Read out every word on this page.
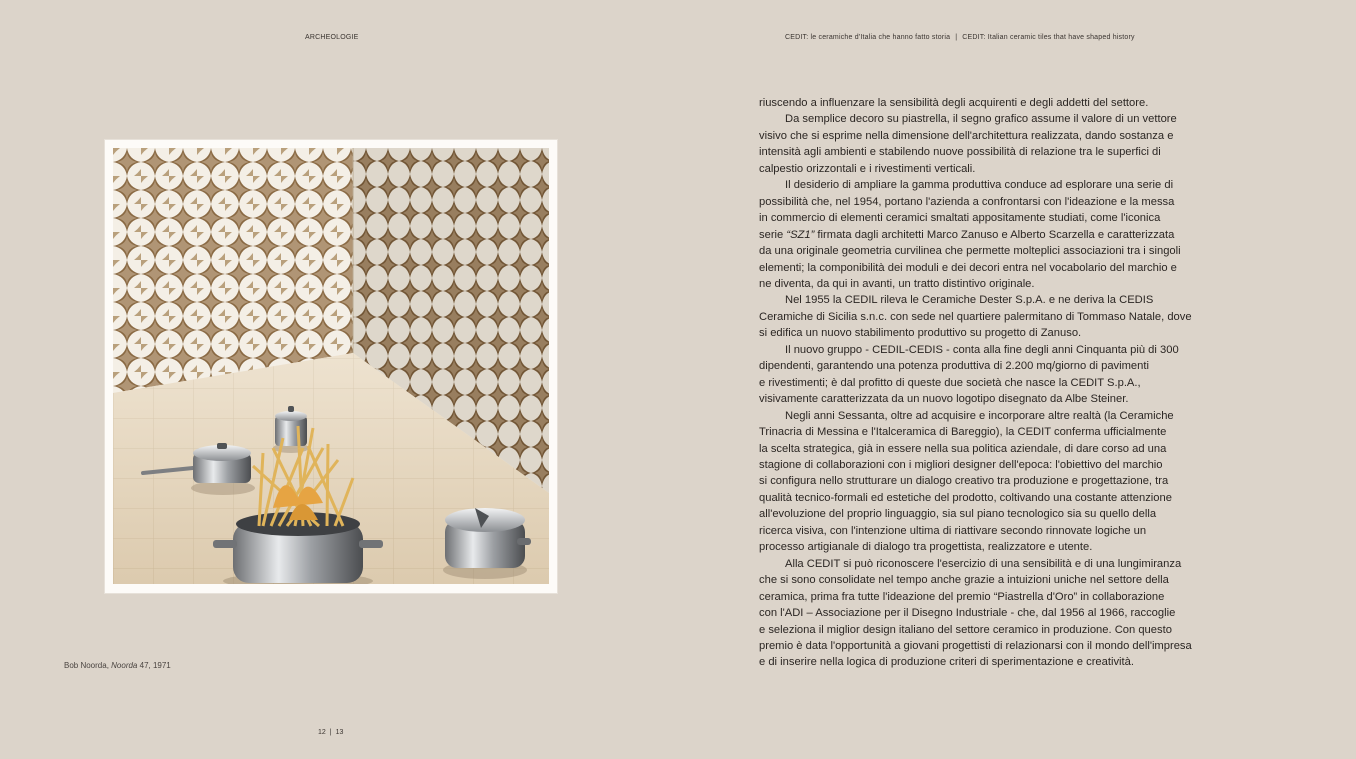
ARCHEOLOGIE	CEDIT: le ceramiche d'Italia che hanno fatto storia | CEDIT: Italian ceramic tiles that have shaped history
Bob Noorda, Noorda 47, 1971

riuscendo a influenzare la sensibilità degli acquirenti e degli addetti del settore.

Da semplice decoro su piastrella, il segno grafico assume il valore di un vettore

visivo che si esprime nella dimensione dell'architettura realizzata, dando sostanza e

intensità agli ambienti e stabilendo nuove possibilità di relazione tra le superfici di

calpestio orizzontali e i rivestimenti verticali.

Il desiderio di ampliare la gamma produttiva conduce ad esplorare una serie di

possibilità che, nel 1954, portano l'azienda a confrontarsi con l'ideazione e la messa

in commercio di elementi ceramici smaltati appositamente studiati, come l'iconica

serie “SZ1” firmata dagli architetti Marco Zanuso e Alberto Scarzella e caratterizzata

da una originale geometria curvilinea che permette molteplici associazioni tra i singoli

elementi; la componibilità dei moduli e dei decori entra nel vocabolario del marchio e

ne diventa, da qui in avanti, un tratto distintivo originale.

Nel 1955 la CEDIL rileva le Ceramiche Dester S.p.A. e ne deriva la CEDIS

Ceramiche di Sicilia s.n.c. con sede nel quartiere palermitano di Tommaso Natale, dove

si edifica un nuovo stabilimento produttivo su progetto di Zanuso.

Il nuovo gruppo - CEDIL-CEDIS - conta alla fine degli anni Cinquanta più di 300

dipendenti, garantendo una potenza produttiva di 2.200 mq/giorno di pavimenti

e rivestimenti; è dal profitto di queste due società che nasce la CEDIT S.p.A.,

visivamente caratterizzata da un nuovo logotipo disegnato da Albe Steiner.

Negli anni Sessanta, oltre ad acquisire e incorporare altre realtà (la Ceramiche

Trinacria di Messina e l'Italceramica di Bareggio), la CEDIT conferma ufficialmente

la scelta strategica, già in essere nella sua politica aziendale, di dare corso ad una

stagione di collaborazioni con i migliori designer dell'epoca: l'obiettivo del marchio

si configura nello strutturare un dialogo creativo tra produzione e progettazione, tra

qualità tecnico-formali ed estetiche del prodotto, coltivando una costante attenzione

all'evoluzione del proprio linguaggio, sia sul piano tecnologico sia su quello della

ricerca visiva, con l'intenzione ultima di riattivare secondo rinnovate logiche un

processo artigianale di dialogo tra progettista, realizzatore e utente.

Alla CEDIT si può riconoscere l'esercizio di una sensibilità e di una lungimiranza

che si sono consolidate nel tempo anche grazie a intuizioni uniche nel settore della

ceramica, prima fra tutte l'ideazione del premio “Piastrella d'Oro” in collaborazione

con l'ADI – Associazione per il Disegno Industriale - che, dal 1956 al 1966, raccoglie

e seleziona il miglior design italiano del settore ceramico in produzione. Con questo

premio è data l'opportunità a giovani progettisti di relazionarsi con il mondo dell'impresa

e di inserire nella logica di produzione criteri di sperimentazione e creatività.

12 | 13
